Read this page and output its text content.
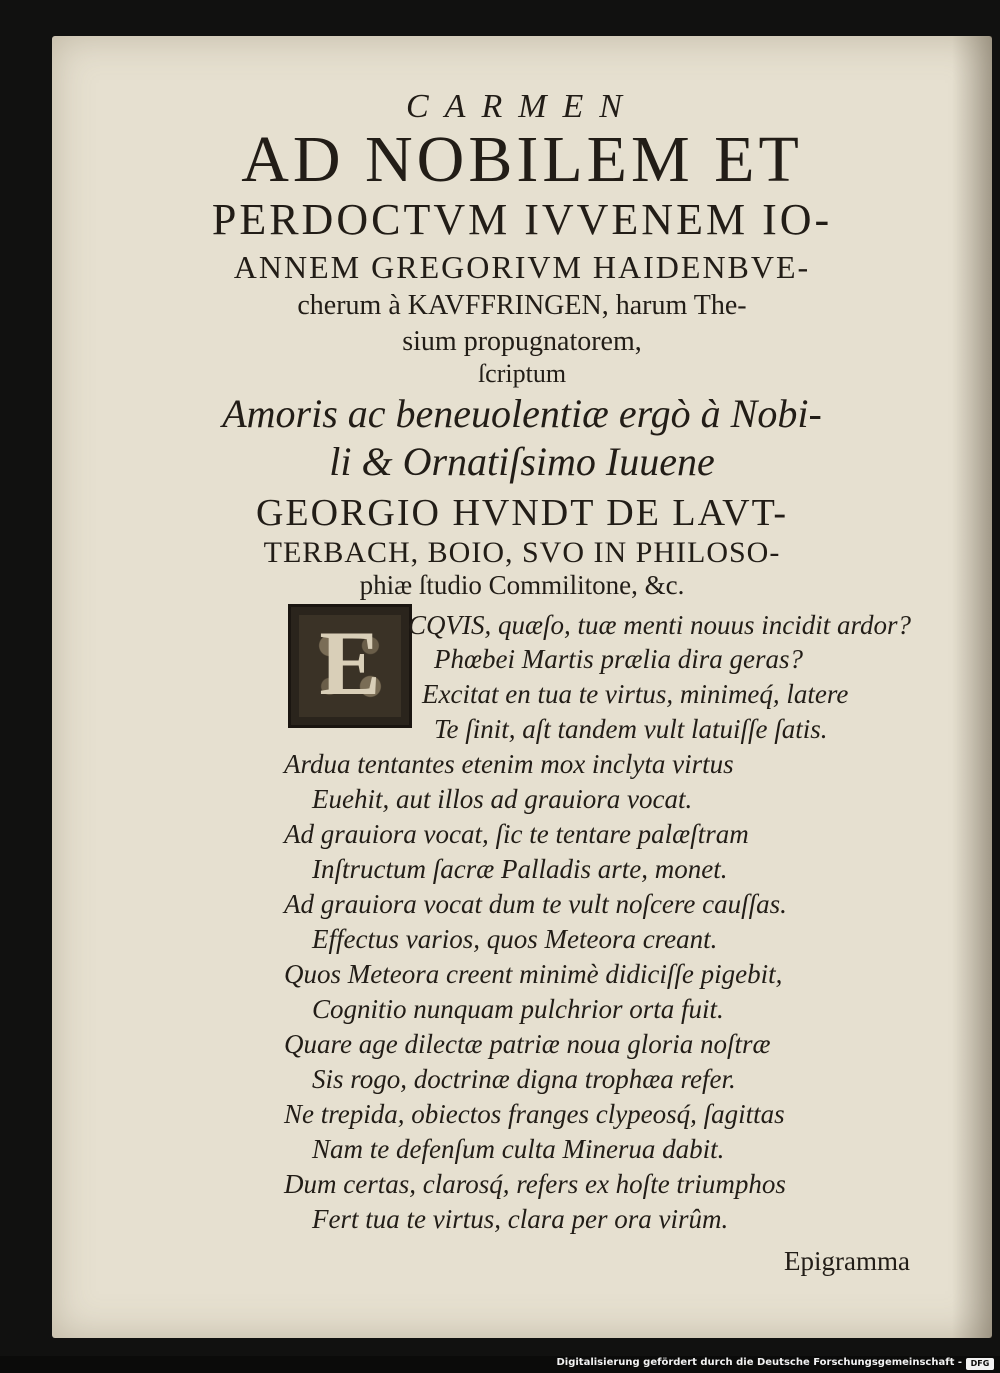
CARMEN
AD NOBILEM ET
PERDOCTVM IVVENEM IO-
ANNEM GREGORIVM HAIDENBVE-
cherum à KAVFFRINGEN, harum The-
sium propugnatorem,
ſcriptum
Amoris ac beneuolentiæ ergò à Nobi-
li & Ornatiſsimo Iuuene
GEORGIO HVNDT DE LAVT-
TERBACH, BOIO, SVO IN PHILOSO-
phiæ ſtudio Commilitone, &c.
E	CQVIS, quæſo, tuæ menti nouus incidit ardor?
Phœbei Martis prælia dira geras?
Excitat en tua te virtus, minimeq́, latere
Te ſinit, aſt tandem vult latuiſſe ſatis.
Ardua tentantes etenim mox inclyta virtus
Euehit, aut illos ad grauiora vocat.
Ad grauiora vocat, ſic te tentare palæſtram
Inſtructum ſacræ Palladis arte, monet.
Ad grauiora vocat dum te vult noſcere cauſſas.
Effectus varios, quos Meteora creant.
Quos Meteora creent minimè didiciſſe pigebit,
Cognitio nunquam pulchrior orta fuit.
Quare age dilectæ patriæ noua gloria noſtræ
Sis rogo, doctrinæ digna trophæa refer.
Ne trepida, obiectos franges clypeosq́, ſagittas
Nam te defenſum culta Minerua dabit.
Dum certas, clarosq́, refers ex hoſte triumphos
Fert tua te virtus, clara per ora virûm.
Epigramma
Digitalisierung gefördert durch die Deutsche Forschungsgemeinschaft -	DFG
